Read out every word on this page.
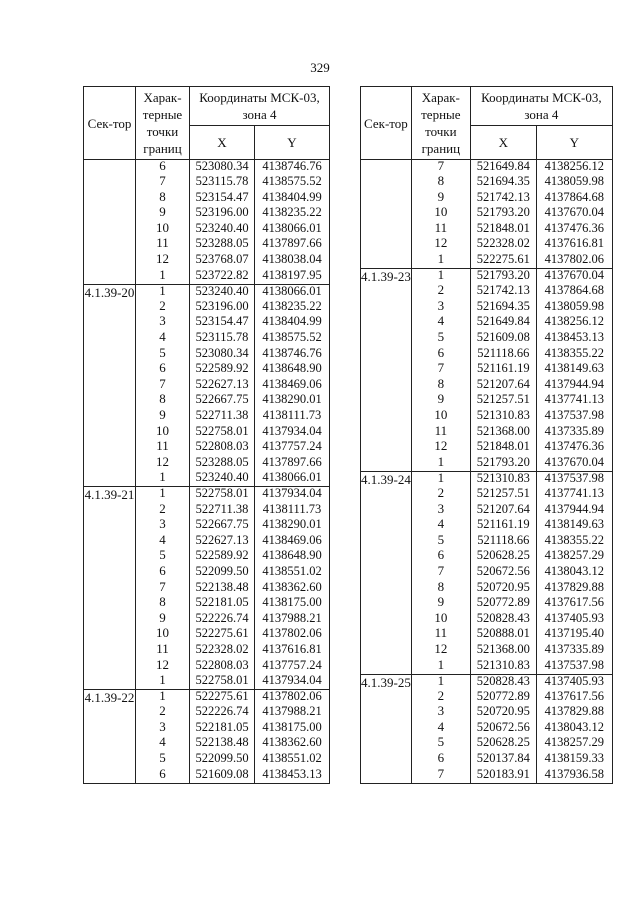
329
Сек-тор	Харак-терные точки границ	Координаты МСК-03, зона 4	
		X	Y
	6	523080.34	4138746.76
	7	523115.78	4138575.52
	8	523154.47	4138404.99
	9	523196.00	4138235.22
	10	523240.40	4138066.01
	11	523288.05	4137897.66
	12	523768.07	4138038.04
	1	523722.82	4138197.95
4.1.39-20	1	523240.40	4138066.01
	2	523196.00	4138235.22
	3	523154.47	4138404.99
	4	523115.78	4138575.52
	5	523080.34	4138746.76
	6	522589.92	4138648.90
	7	522627.13	4138469.06
	8	522667.75	4138290.01
	9	522711.38	4138111.73
	10	522758.01	4137934.04
	11	522808.03	4137757.24
	12	523288.05	4137897.66
	1	523240.40	4138066.01
4.1.39-21	1	522758.01	4137934.04
	2	522711.38	4138111.73
	3	522667.75	4138290.01
	4	522627.13	4138469.06
	5	522589.92	4138648.90
	6	522099.50	4138551.02
	7	522138.48	4138362.60
	8	522181.05	4138175.00
	9	522226.74	4137988.21
	10	522275.61	4137802.06
	11	522328.02	4137616.81
	12	522808.03	4137757.24
	1	522758.01	4137934.04
4.1.39-22	1	522275.61	4137802.06
	2	522226.74	4137988.21
	3	522181.05	4138175.00
	4	522138.48	4138362.60
	5	522099.50	4138551.02
	6	521609.08	4138453.13
Сек-тор	Харак-терные точки границ	Координаты МСК-03, зона 4	
		X	Y
	7	521649.84	4138256.12
	8	521694.35	4138059.98
	9	521742.13	4137864.68
	10	521793.20	4137670.04
	11	521848.01	4137476.36
	12	522328.02	4137616.81
	1	522275.61	4137802.06
4.1.39-23	1	521793.20	4137670.04
	2	521742.13	4137864.68
	3	521694.35	4138059.98
	4	521649.84	4138256.12
	5	521609.08	4138453.13
	6	521118.66	4138355.22
	7	521161.19	4138149.63
	8	521207.64	4137944.94
	9	521257.51	4137741.13
	10	521310.83	4137537.98
	11	521368.00	4137335.89
	12	521848.01	4137476.36
	1	521793.20	4137670.04
4.1.39-24	1	521310.83	4137537.98
	2	521257.51	4137741.13
	3	521207.64	4137944.94
	4	521161.19	4138149.63
	5	521118.66	4138355.22
	6	520628.25	4138257.29
	7	520672.56	4138043.12
	8	520720.95	4137829.88
	9	520772.89	4137617.56
	10	520828.43	4137405.93
	11	520888.01	4137195.40
	12	521368.00	4137335.89
	1	521310.83	4137537.98
4.1.39-25	1	520828.43	4137405.93
	2	520772.89	4137617.56
	3	520720.95	4137829.88
	4	520672.56	4138043.12
	5	520628.25	4138257.29
	6	520137.84	4138159.33
	7	520183.91	4137936.58
